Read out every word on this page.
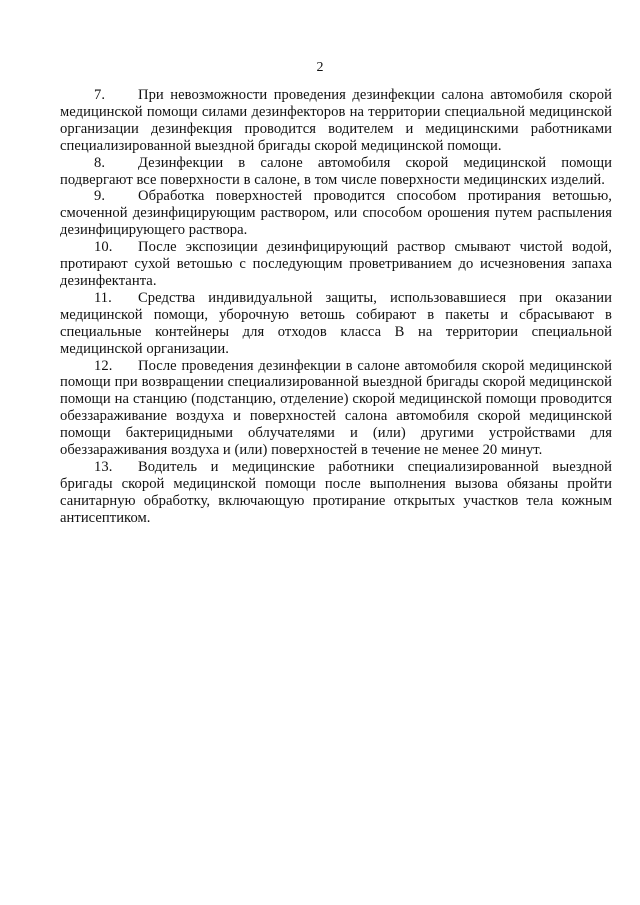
2

7. При невозможности проведения дезинфекции салона автомобиля скорой медицинской помощи силами дезинфекторов на территории специальной медицинской организации дезинфекция проводится водителем и медицинскими работниками специализированной выездной бригады скорой медицинской помощи.

8. Дезинфекции в салоне автомобиля скорой медицинской помощи подвергают все поверхности в салоне, в том числе поверхности медицинских изделий.

9. Обработка поверхностей проводится способом протирания ветошью, смоченной дезинфицирующим раствором, или способом орошения путем распыления дезинфицирующего раствора.

10. После экспозиции дезинфицирующий раствор смывают чистой водой, протирают сухой ветошью с последующим проветриванием до исчезновения запаха дезинфектанта.

11. Средства индивидуальной защиты, использовавшиеся при оказании медицинской помощи, уборочную ветошь собирают в пакеты и сбрасывают в специальные контейнеры для отходов класса В на территории специальной медицинской организации.

12. После проведения дезинфекции в салоне автомобиля скорой медицинской помощи при возвращении специализированной выездной бригады скорой медицинской помощи на станцию (подстанцию, отделение) скорой медицинской помощи проводится обеззараживание воздуха и поверхностей салона автомобиля скорой медицинской помощи бактерицидными облучателями и (или) другими устройствами для обеззараживания воздуха и (или) поверхностей в течение не менее 20 минут.

13. Водитель и медицинские работники специализированной выездной бригады скорой медицинской помощи после выполнения вызова обязаны пройти санитарную обработку, включающую протирание открытых участков тела кожным антисептиком.
